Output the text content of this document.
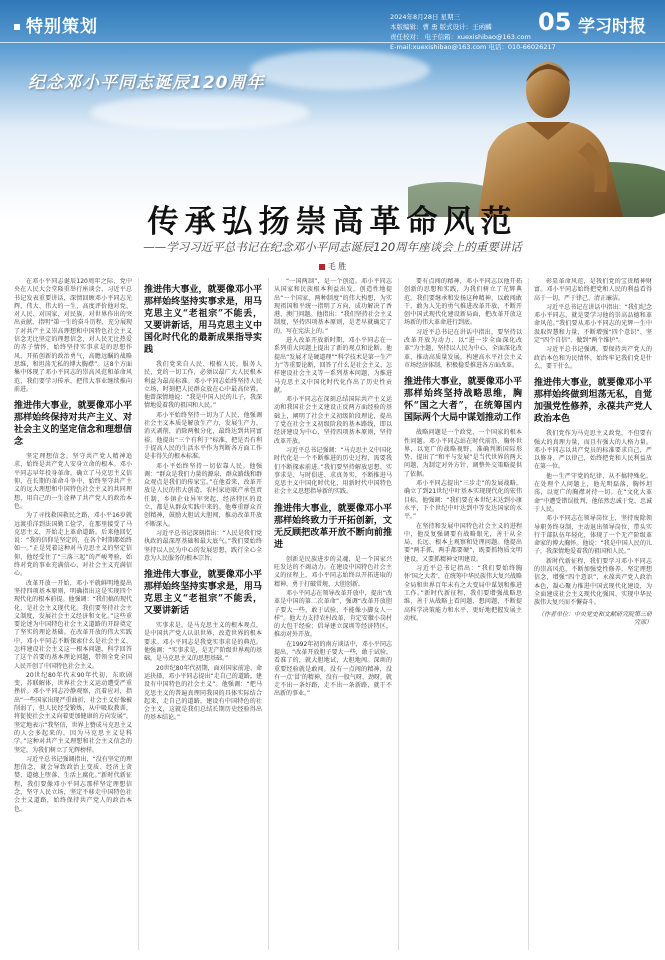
特别策划	2024年8月28日 星期三
本版编辑：曹 勇 版式设计：王函麟
责任校对： 电子信箱：xuexishibao@163.com
E-mail:xuexishibao@163.com 电话：010-66026217
05 学习时报
纪念邓小平同志诞辰120周年
传承弘扬崇高革命风范
——学习习近平总书记在纪念邓小平同志诞辰120周年座谈会上的重要讲话
毛 胜

在邓小平同志诞辰120周年之际，党中央在人民大会堂隆重举行座谈会，习近平总书记发表重要讲话，深情回顾邓小平同志光辉、伟大、伟大的一生，高度评价他对党、对人民、对国家、对民族、对世界作出的突出贡献，指明“第一生的奋斗历程，充分展现了对共产主义崇高理想和中国特色社会主义信念无比坚定的理想信念，对人民无比热爱的赤子情怀，始终坚持实事求是的思想作风、开拓创新的政治勇气，高瞻远瞩的战略思维，和坦荡无私的博大胸襟”。这8个方面集中体现了邓小平同志的崇高风范和革命风范，我们要学习传承，把伟大事业继续推向前进。

推进伟大事业，就要像邓小平那样始终保持对共产主义、对社会主义的坚定信念和理想信念

坚定理想信念，坚守共产党人精神追求，始终是共产党人安身立命的根本。邓小平同志早年投身革命，确立了马克思主义信仰，在长期的革命斗争中，始终坚守共产主义的远大理想和中国特色社会主义的共同理想，用自己的一生诠释了共产党人的政治本色。

为了寻找救国救民之路，邓小平16岁就远渡重洋到法国勤工俭学，在那里接受了马克思主义，开始走上革命道路。后来他回忆说：“我的信仰是坚定的，在各个时期都始终如一。”正是凭着这种对马克思主义的坚定信仰，他经受住了“三落三起”的严峻考验，始终对党的事业充满信心，对社会主义充满信心。

改革开放一开始，邓小平就鲜明地提出坚持四项基本原则，明确指出这是实现四个现代化的根本前提。他强调：“我们搞的现代化，是社会主义现代化。我们要坚持社会主义制度，发展社会主义经济和文化。”这些重要论述为中国特色社会主义道路的开辟奠定了坚实的理论基础。在改革开放的伟大实践中，邓小平同志不断探索什么是社会主义、怎样建设社会主义这一根本问题，科学回答了这个首要的基本理论问题，带领全党全国人民开创了中国特色社会主义。

20世纪80年代末90年代初，东欧剧变，苏联解体，世界社会主义运动遭受严重挫折。邓小平同志冷静观察，沉着应对，指出“一些国家出现严重曲折，社会主义好像被削弱了，但人民经受锻炼，从中吸取教训，将促使社会主义向着更加健康的方向发展”，坚定地表示“我坚信，世界上赞成马克思主义的人会多起来的，因为马克思主义是科学。”这种对共产主义理想和社会主义信念的坚定，为我们树立了光辉榜样。

习近平总书记强调指出，“没有坚定的理想信念，就会导致政治上变质、经济上贪婪、道德上堕落、生活上腐化。”新时代新征程，我们要像邓小平同志那样坚定理想信念，坚守人民立场，坚定不移走中国特色社会主义道路，始终保持共产党人的政治本色。

推进伟大事业，就要像邓小平那样始终坚持实事求是，用马克思主义“老祖宗”不能丢，又要讲新话，用马克思主义中国化时代化的最新成果指导实践

我们党来自人民、根植人民，服务人民，党的一切工作，必须以最广大人民根本利益为最高标准。邓小平同志始终坚持人民立场，时刻把人民群众放在心中最高位置。他曾深情地说：“我是中国人民的儿子，我深情地爱着我的祖国和人民。”

邓小平始终坚持一切为了人民，他强调社会主义本质是解放生产力，发展生产力，消灭剥削，消除两极分化，最终达到共同富裕。他提出“三个有利于”标准，把是否有利于提高人民的生活水平作为判断各方面工作是非得失的根本标准。

邓小平始终坚持一切依靠人民。他强调：“群众是我们力量的源泉，群众路线和群众观点是我们的传家宝。”在他看来，改革开放是人民的伟大创造，农村家庭联产承包责任制、乡镇企业异军突起、经济特区的设立，都是从群众实践中来的。他尊重群众首创精神，鼓励大胆试大胆闯，推动改革开放不断深入。

习近平总书记深刻指出：“人民是我们党执政的最深厚基础和最大底气。”我们要始终坚持以人民为中心的发展思想，践行全心全意为人民服务的根本宗旨。

推进伟大事业，就要像邓小平那样始终坚持实事求是，用马克思主义“老祖宗”不能丢，又要讲新话

实事求是，是马克思主义的根本观点，是中国共产党人认识世界、改造世界的根本要求。邓小平同志是我党实事求是的典范。他强调：“实事求是，是无产阶级世界观的基础，是马克思主义的思想基础。”

20世纪80年代初期，面对国家前途、命运抉择，邓小平同志提出“走自己的道路，建设有中国特色的社会主义”。他强调：“把马克思主义的普遍真理同我国的具体实际结合起来，走自己的道路，建设有中国特色的社会主义，这就是我们总结长期历史经验得出的基本结论。”

“一国两制”，是一个创造。邓小平同志从国家和民族根本利益出发，创造性地提出“一个国家，两种制度”的伟大构想，为实现祖国和平统一指明了方向，成功解决了香港、澳门问题。他指出：“我们坚持社会主义制度，坚持四项基本原则，是老早就确定了的，写在宪法上的。”

进入改革开放新时期，邓小平同志在一系列重大问题上提出了新的观点和论断。他提出“发展才是硬道理”“科学技术是第一生产力”等重要论断，回答了什么是社会主义、怎样建设社会主义等一系列基本问题，为推进马克思主义中国化时代化作出了历史性贡献。

邓小平同志在深刻总结国际共产主义运动和我国社会主义建设正反两方面经验的基础上，阐明了社会主义初级阶段理论，提出了党在社会主义初级阶段的基本路线，即以经济建设为中心，坚持四项基本原则，坚持改革开放。

习近平总书记强调：“马克思主义中国化时代化是一个不断推进的历史过程，需要我们不断探索前进。”我们要坚持解放思想、实事求是、与时俱进、求真务实，不断推进马克思主义中国化时代化，用新时代中国特色社会主义思想指导新的实践。

推进伟大事业，就要像邓小平那样始终致力于开拓创新，文无反顾把改革开放不断向前推进

创新是民族进步的灵魂，是一个国家兴旺发达的不竭动力。在建设中国特色社会主义的征程上，邓小平同志始终以开拓进取的精神，勇于打破常规、大胆创新。

邓小平同志在领导改革开放中，提出“改革是中国的第二次革命”，强调“改革开放胆子要大一些，敢于试验，不能像小脚女人一样”。他大力支持农村改革，肯定安徽小岗村的大包干经验；倡导建立深圳等经济特区，推动对外开放。

在1992年初的南方谈话中，邓小平同志提出，“改革开放胆子要大一些，敢于试验，看准了的，就大胆地试，大胆地闯。深圳的重要经验就是敢闯。没有一点闯的精神，没有一点‘冒’的精神，没有一股气呀、劲呀，就走不出一条好路，走不出一条新路，就干不出新的事业。”

要有点闯的精神，邓小平同志以他开拓创新的思想和实践，为我们树立了光辉典范。我们要继承和发扬这种精神，以敢闯敢干、敢为人先的勇气推进改革开放，不断开创中国式现代化建设新局面，把改革开放这场新的伟大革命进行到底。

习近平总书记在讲话中指出，要坚持以改革开放为动力，以“进一步全面深化改革”为主题，坚持以人民为中心，全面深化改革，推动高质量发展，构建高水平社会主义市场经济体制，积极稳妥推进各方面改革。

推进伟大事业，就要像邓小平那样始终坚持战略思维，胸怀“国之大者”，在统筹国内国际两个大局中谋划推动工作

战略问题是一个政党、一个国家的根本性问题。邓小平同志站在时代前沿、胸怀世界，以宽广的战略视野，准确判断国际形势，提出了“和平与发展”是当代世界的两大问题，为制定对外方针、调整外交策略提供了依据。

邓小平同志提出“三步走”的发展战略，确立了到21世纪中叶基本实现现代化的宏伟目标。他强调：“我们要在本世纪末达到小康水平，下个世纪中叶达到中等发达国家的水平。”

在坚持和发展中国特色社会主义的进程中，他反复强调要有战略眼光，善于从全局、长远、根本上观察和处理问题。他提出要“两手抓、两手都要硬”，既要抓物质文明建设，又要抓精神文明建设。

习近平总书记指出：“我们要始终胸怀‘国之大者’，在统筹中华民族伟大复兴战略全局和世界百年未有之大变局中谋划和推进工作。”新时代新征程，我们要增强战略思维，善于从战略上看问题、想问题，不断提高科学决策能力和水平，更好地把握发展主动权。

彰显革命风范，是我们党的宝贵精神财富。邓小平同志始终把党和人民的利益看得高于一切，严于律己、清正廉洁。

习近平总书记在讲话中指出：“我们纪念邓小平同志，就是要学习他的崇高品德和革命风范。”我们要从邓小平同志的光辉一生中汲取智慧和力量，不断增强“四个意识”、坚定“四个自信”、做到“两个维护”。

习近平总书记强调，要保持共产党人的政治本色和为民情怀，始终牢记我们党是什么、要干什么。

推进伟大事业，就要像邓小平那样始终做到坦荡无私，自觉加强党性修养，永葆共产党人政治本色

我们党作为马克思主义政党，不但要有强大的真理力量，而且有强大的人格力量。邓小平同志以共产党员的标准要求自己，严以修身、严以律己，始终把党和人民利益放在第一位。

他一生严守党的纪律，从不搞特殊化。在处理个人问题上，他光明磊落，胸怀坦荡，以宽广的胸襟对待一切。在“文化大革命”中遭受错误批判，他依然忠诚于党、忠诚于人民。

邓小平同志在领导岗位上，坚持废除领导职务终身制，主动退出领导岗位，带头实行干部队伍年轻化，体现了一个无产阶级革命家的博大胸怀。他说：“我是中国人民的儿子，我深情地爱着我的祖国和人民。”

新时代新征程，我们要学习邓小平同志的崇高风范，不断加强党性修养，坚定理想信念，增强“四个意识”，永葆共产党人政治本色，凝心聚力推进中国式现代化建设，为全面建成社会主义现代化强国、实现中华民族伟大复兴而不懈奋斗。

（作者单位：中央党史和文献研究院第三研究部）
